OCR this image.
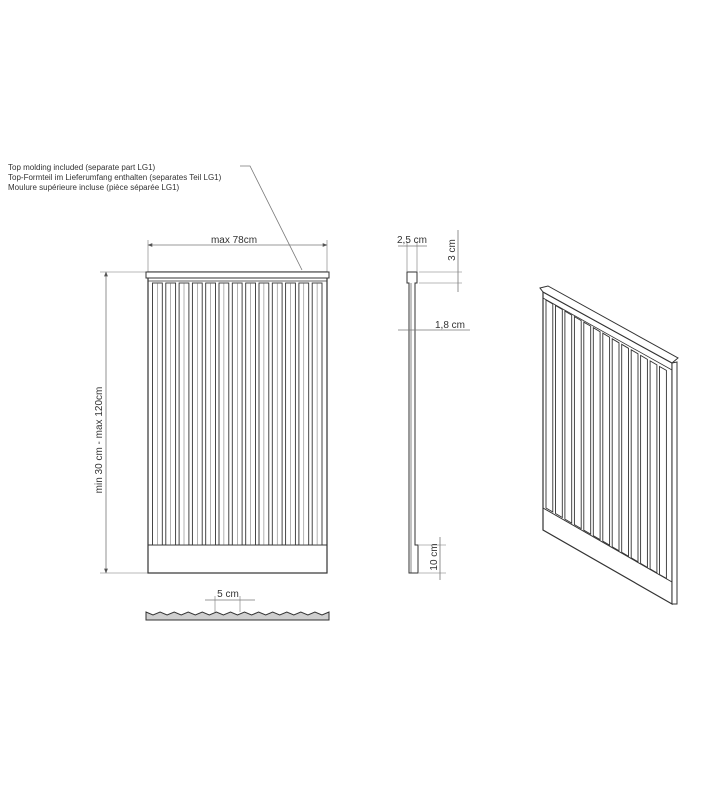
Top molding included (separate part LG1)
Top-Formteil im Lieferumfang enthalten (separates Teil LG1)
Moulure supérieure incluse (pièce séparée LG1)
max 78cm
min 30 cm - max 120cm
5 cm
2,5 cm 3 cm
1,8 cm
10 cm
